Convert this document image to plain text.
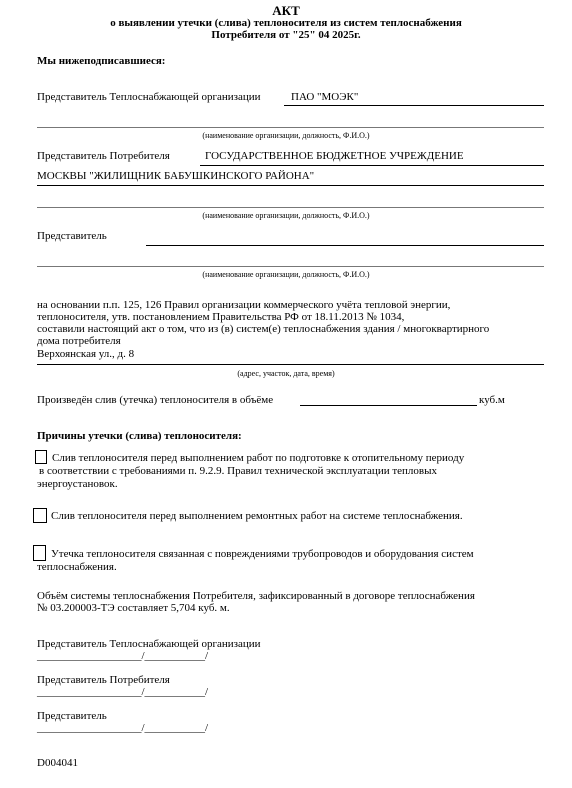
АКТ
о выявлении утечки (слива) теплоносителя из систем теплоснабжения
Потребителя от "25" 04 2025г.
Мы нижеподписавшиеся:
Представитель Теплоснабжающей организации	ПАО "МОЭК"
(наименование организации, должность, Ф.И.О.)
Представитель Потребителя	ГОСУДАРСТВЕННОЕ БЮДЖЕТНОЕ УЧРЕЖДЕНИЕ
МОСКВЫ "ЖИЛИЩНИК БАБУШКИНСКОГО РАЙОНА"
(наименование организации, должность, Ф.И.О.)
Представитель
(наименование организации, должность, Ф.И.О.)
на основании п.п. 125, 126 Правил организации коммерческого учёта тепловой энергии,
теплоносителя, утв. постановлением Правительства РФ от 18.11.2013 № 1034,
составили настоящий акт о том, что из (в) систем(е) теплоснабжения здания / многоквартирного
дома потребителя
Верхоянская ул., д. 8
(адрес, участок, дата, время)
Произведён слив (утечка) теплоносителя в объёме	куб.м
Причины утечки (слива) теплоносителя:
Слив теплоносителя перед выполнением работ по подготовке к отопительному периоду
в соответствии с требованиями п. 9.2.9. Правил технической эксплуатации тепловых
энергоустановок.
Слив теплоносителя перед выполнением ремонтных работ на системе теплоснабжения.
Утечка теплоносителя связанная с повреждениями трубопроводов и оборудования систем
теплоснабжения.
Объём системы теплоснабжения Потребителя, зафиксированный в договоре теплоснабжения
№ 03.200003-ТЭ составляет 5,704 куб. м.
Представитель Теплоснабжающей организации
___________________/___________/
Представитель Потребителя
___________________/___________/
Представитель
___________________/___________/
D004041
